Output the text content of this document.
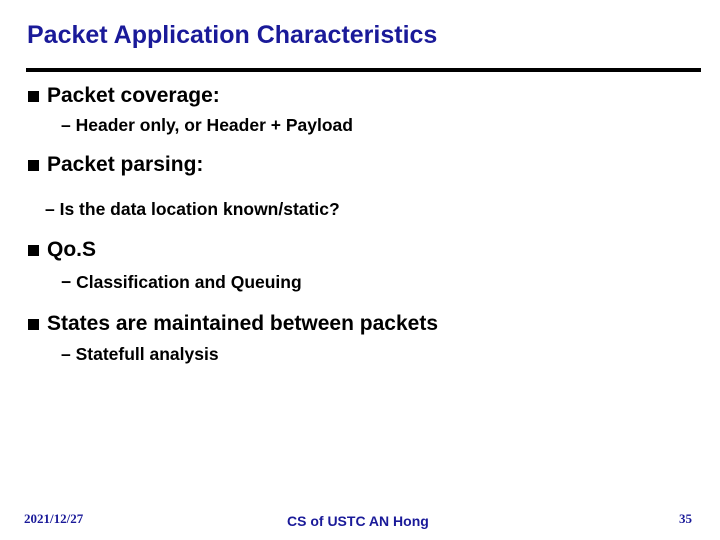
Packet Application Characteristics
Packet coverage:
– Header only, or Header + Payload
Packet parsing:
– Is the data location known/static?
Qo.S
− Classification and Queuing
States are maintained between packets
– Statefull analysis
2021/12/27	CS of USTC AN Hong	35
